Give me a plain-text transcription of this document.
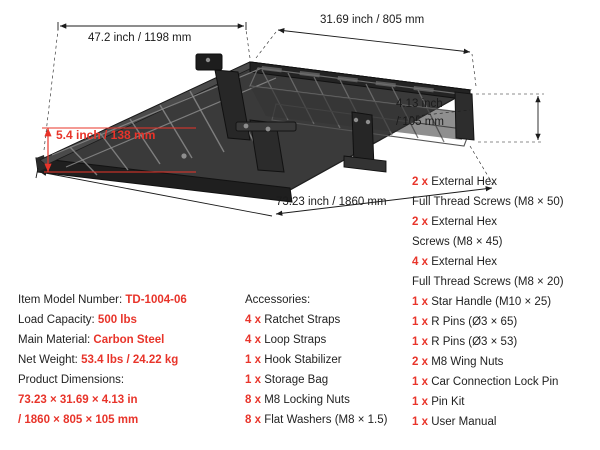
47.2 inch / 1198 mm
31.69 inch / 805 mm
4.13 inch
/ 105 mm
73.23 inch / 1860 mm
5.4 inch / 138 mm
Item Model Number: TD-1004-06
Load Capacity: 500 lbs
Main Material: Carbon Steel
Net Weight: 53.4 lbs / 24.22 kg
Product Dimensions:
73.23 × 31.69 × 4.13 in
/ 1860 × 805 × 105 mm
Accessories:
4 x Ratchet Straps
4 x Loop Straps
1 x Hook Stabilizer
1 x Storage Bag
8 x M8 Locking Nuts
8 x Flat Washers (M8 × 1.5)
2 x External Hex
Full Thread Screws (M8 × 50)
2 x External Hex
Screws (M8 × 45)
4 x External Hex
Full Thread Screws (M8 × 20)
1 x Star Handle (M10 × 25)
1 x R Pins (Ø3 × 65)
1 x R Pins (Ø3 × 53)
2 x M8 Wing Nuts
1 x Car Connection Lock Pin
1 x Pin Kit
1 x User Manual
